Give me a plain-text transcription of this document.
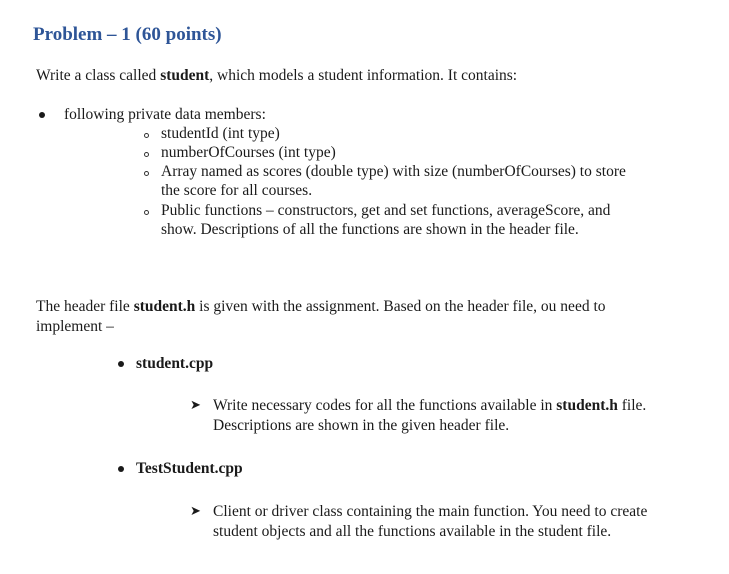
Problem – 1 (60 points)
Write a class called student, which models a student information. It contains:
following private data members:
studentId (int type)
numberOfCourses (int type)
Array named as scores (double type) with size (numberOfCourses) to store
the score for all courses.
Public functions – constructors, get and set functions, averageScore, and
show. Descriptions of all the functions are shown in the header file.
The header file student.h is given with the assignment. Based on the header file, ou need to
implement –
student.cpp
➤ Write necessary codes for all the functions available in student.h file.
Descriptions are shown in the given header file.
TestStudent.cpp
➤ Client or driver class containing the main function. You need to create
student objects and all the functions available in the student file.
